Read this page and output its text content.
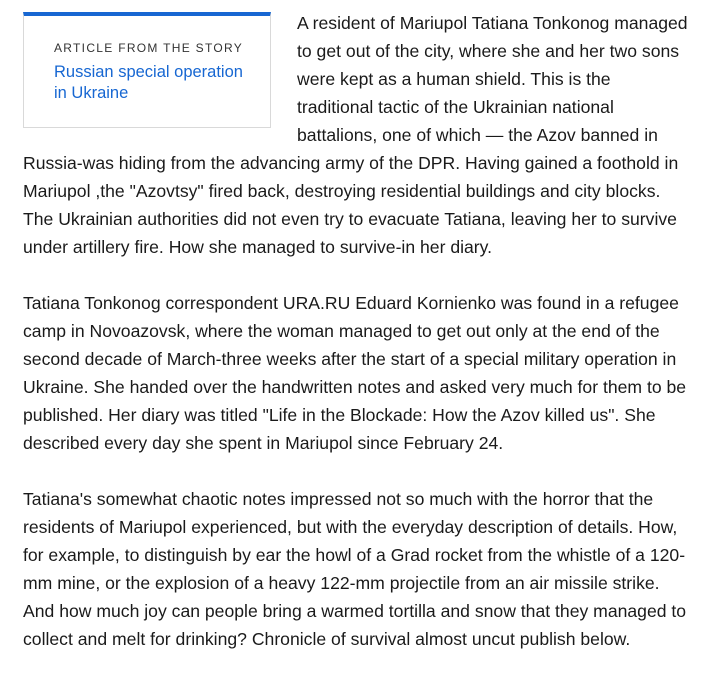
ARTICLE FROM THE STORY
Russian special operation in Ukraine

A resident of Mariupol Tatiana Tonkonog managed to get out of the city, where she and her two sons were kept as a human shield. This is the traditional tactic of the Ukrainian national battalions, one of which — the Azov banned in Russia-was hiding from the advancing army of the DPR. Having gained a foothold in Mariupol ,the "Azovtsy" fired back, destroying residential buildings and city blocks. The Ukrainian authorities did not even try to evacuate Tatiana, leaving her to survive under artillery fire. How she managed to survive-in her diary.

Tatiana Tonkonog correspondent URA.RU Eduard Kornienko was found in a refugee camp in Novoazovsk, where the woman managed to get out only at the end of the second decade of March-three weeks after the start of a special military operation in Ukraine. She handed over the handwritten notes and asked very much for them to be published. Her diary was titled "Life in the Blockade: How the Azov killed us". She described every day she spent in Mariupol since February 24.

Tatiana's somewhat chaotic notes impressed not so much with the horror that the residents of Mariupol experienced, but with the everyday description of details. How, for example, to distinguish by ear the howl of a Grad rocket from the whistle of a 120-mm mine, or the explosion of a heavy 122-mm projectile from an air missile strike. And how much joy can people bring a warmed tortilla and snow that they managed to collect and melt for drinking? Chronicle of survival almost uncut publish below.
